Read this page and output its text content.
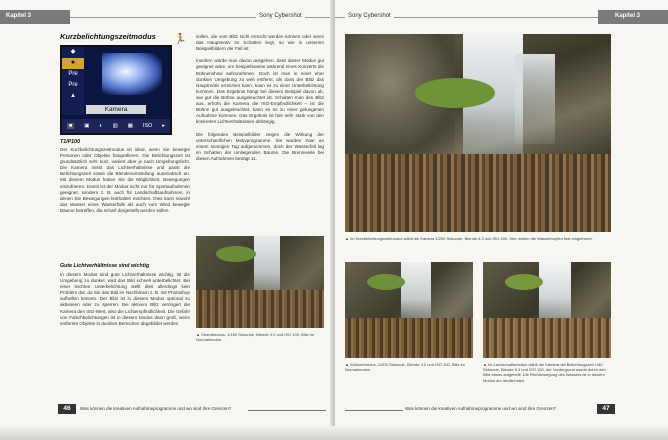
Kapitel 3	Sony Cybershot
Kurzbelichtungszeitmodus 🏃
◆
★
Pre
Pre
▲
Kamera
■	▣ ◐ ▥ ▦ ISO ▸
T1/P100
Der Kurzbelichtungszeitmodus ist ideal, wenn Sie bewegte Personen oder Objekte fotografieren. Die Belichtungszeit ist grundsätzlich sehr kurz, variiert aber je nach Umgebungslicht. Die Kamera misst das Lichtverhältnisse und passt die Belichtungszeit sowie die Blendeneinstellung automatisch an. Mit diesem Modus haben Sie die Möglichkeit, Bewegungen einzufrieren. Damit ist der Modus nicht nur für Sportaufnahmen geeignet, sondern z. B. auch für Landschaftsaufnahmen, in denen Sie Bewegungen festhalten möchten. Dies kann sowohl das Wasser eines Wasserfalls als auch vom Wind bewegte Bäume betreffen, die scharf dargestellt werden sollen.
Gute Lichtverhältnisse sind wichtig
In diesem Modus sind gute Lichtverhältnisse wichtig. Ist die Umgebung zu dunkel, wird das Bild schnell unterbelichtet. Bei einer leichten Unterbelichtung stellt dies allerdings kein Problem dar, da Sie das Bild im Nachhinein z. B. mit Photoshop aufhellen können. Der Blitz ist in diesem Modus optional zu aktivieren oder zu sperren. Bei aktivem Blitz verringert die Kamera den ISO-Wert, also die Lichtempfindlichkeit. Die Gefahr von Falschbelichtungen ist in diesem Modus dann groß, wenn entfernte Objekte in dunklen Bereichen abgebildet werden
sollen, die vom Blitz nicht erreicht werden können oder wenn das Hauptmotiv im Schatten liegt, so wie in unserem Beispielbildern der Fall ist.

Insofern würde man davon ausgehen, dass dieser Modus gut geeignet wäre, um beispielsweise während eines Konzerts die Bühnenshow aufzunehmen. Doch ist man in einer eher dunklen Umgebung zu weit entfernt, als dass der Blitz das Hauptmotiv erreichen kann, kann es zu einer Unterbelichtung kommen. Das Ergebnis hängt bei diesem Beispiel davon ab, wie gut die Bühne ausgeleuchtet ist. Schalten man den Blitz aus, erhöht die Kamera die ISO-Empfindlichkeit – ist die Bühne gut ausgeleuchtet, kann es so zu einer gelungenen Aufnahme kommen. Das Ergebnis ist hier sehr stark von den konkreten Lichtverhältnissen abhängig.

Die folgenden Beispielbilder zeigen die Wirkung der unterschiedlichen Motivprogramme. Sie wurden zwar an einem sonnigen Tag aufgenommen, doch der Wasserfall lag im Schatten der umliegenden Bäume. Die Brennweite bei diesen Aufnahmen beträgt 11.
▲ Strandmodus, 1/160 Sekunde, Blende 4.0 und ISO 100, Blitz im Normalmodus.
46	Was können die kreativen Aufnahmeprogramme und wo sind ihre Grenzen?
Sony Cybershot	Kapitel 3
▲ Im Kurzbelichtungszeitmodus wählt die Kamera 1/250 Sekunde, Blende 6.3 und ISO 200. Hier wirken die Wassertropfen fast eingefroren.
▲ Schneemodus, 1/200 Sekunde, Blende 4.0 und ISO 100, Blitz im Normalmodus.
▲ Im Landschaftsmodus wählt die Kamera die Belichtungszeit 1/80 Sekunde, Blende 6.3 und ISO 100, der Vordergrund wurde durch den Blitz etwas aufgehellt. Die Fließbewegung des Wassers ist in diesem Modus am deutlichsten.
Was können die kreativen Aufnahmeprogramme und wo sind ihre Grenzen?	47
